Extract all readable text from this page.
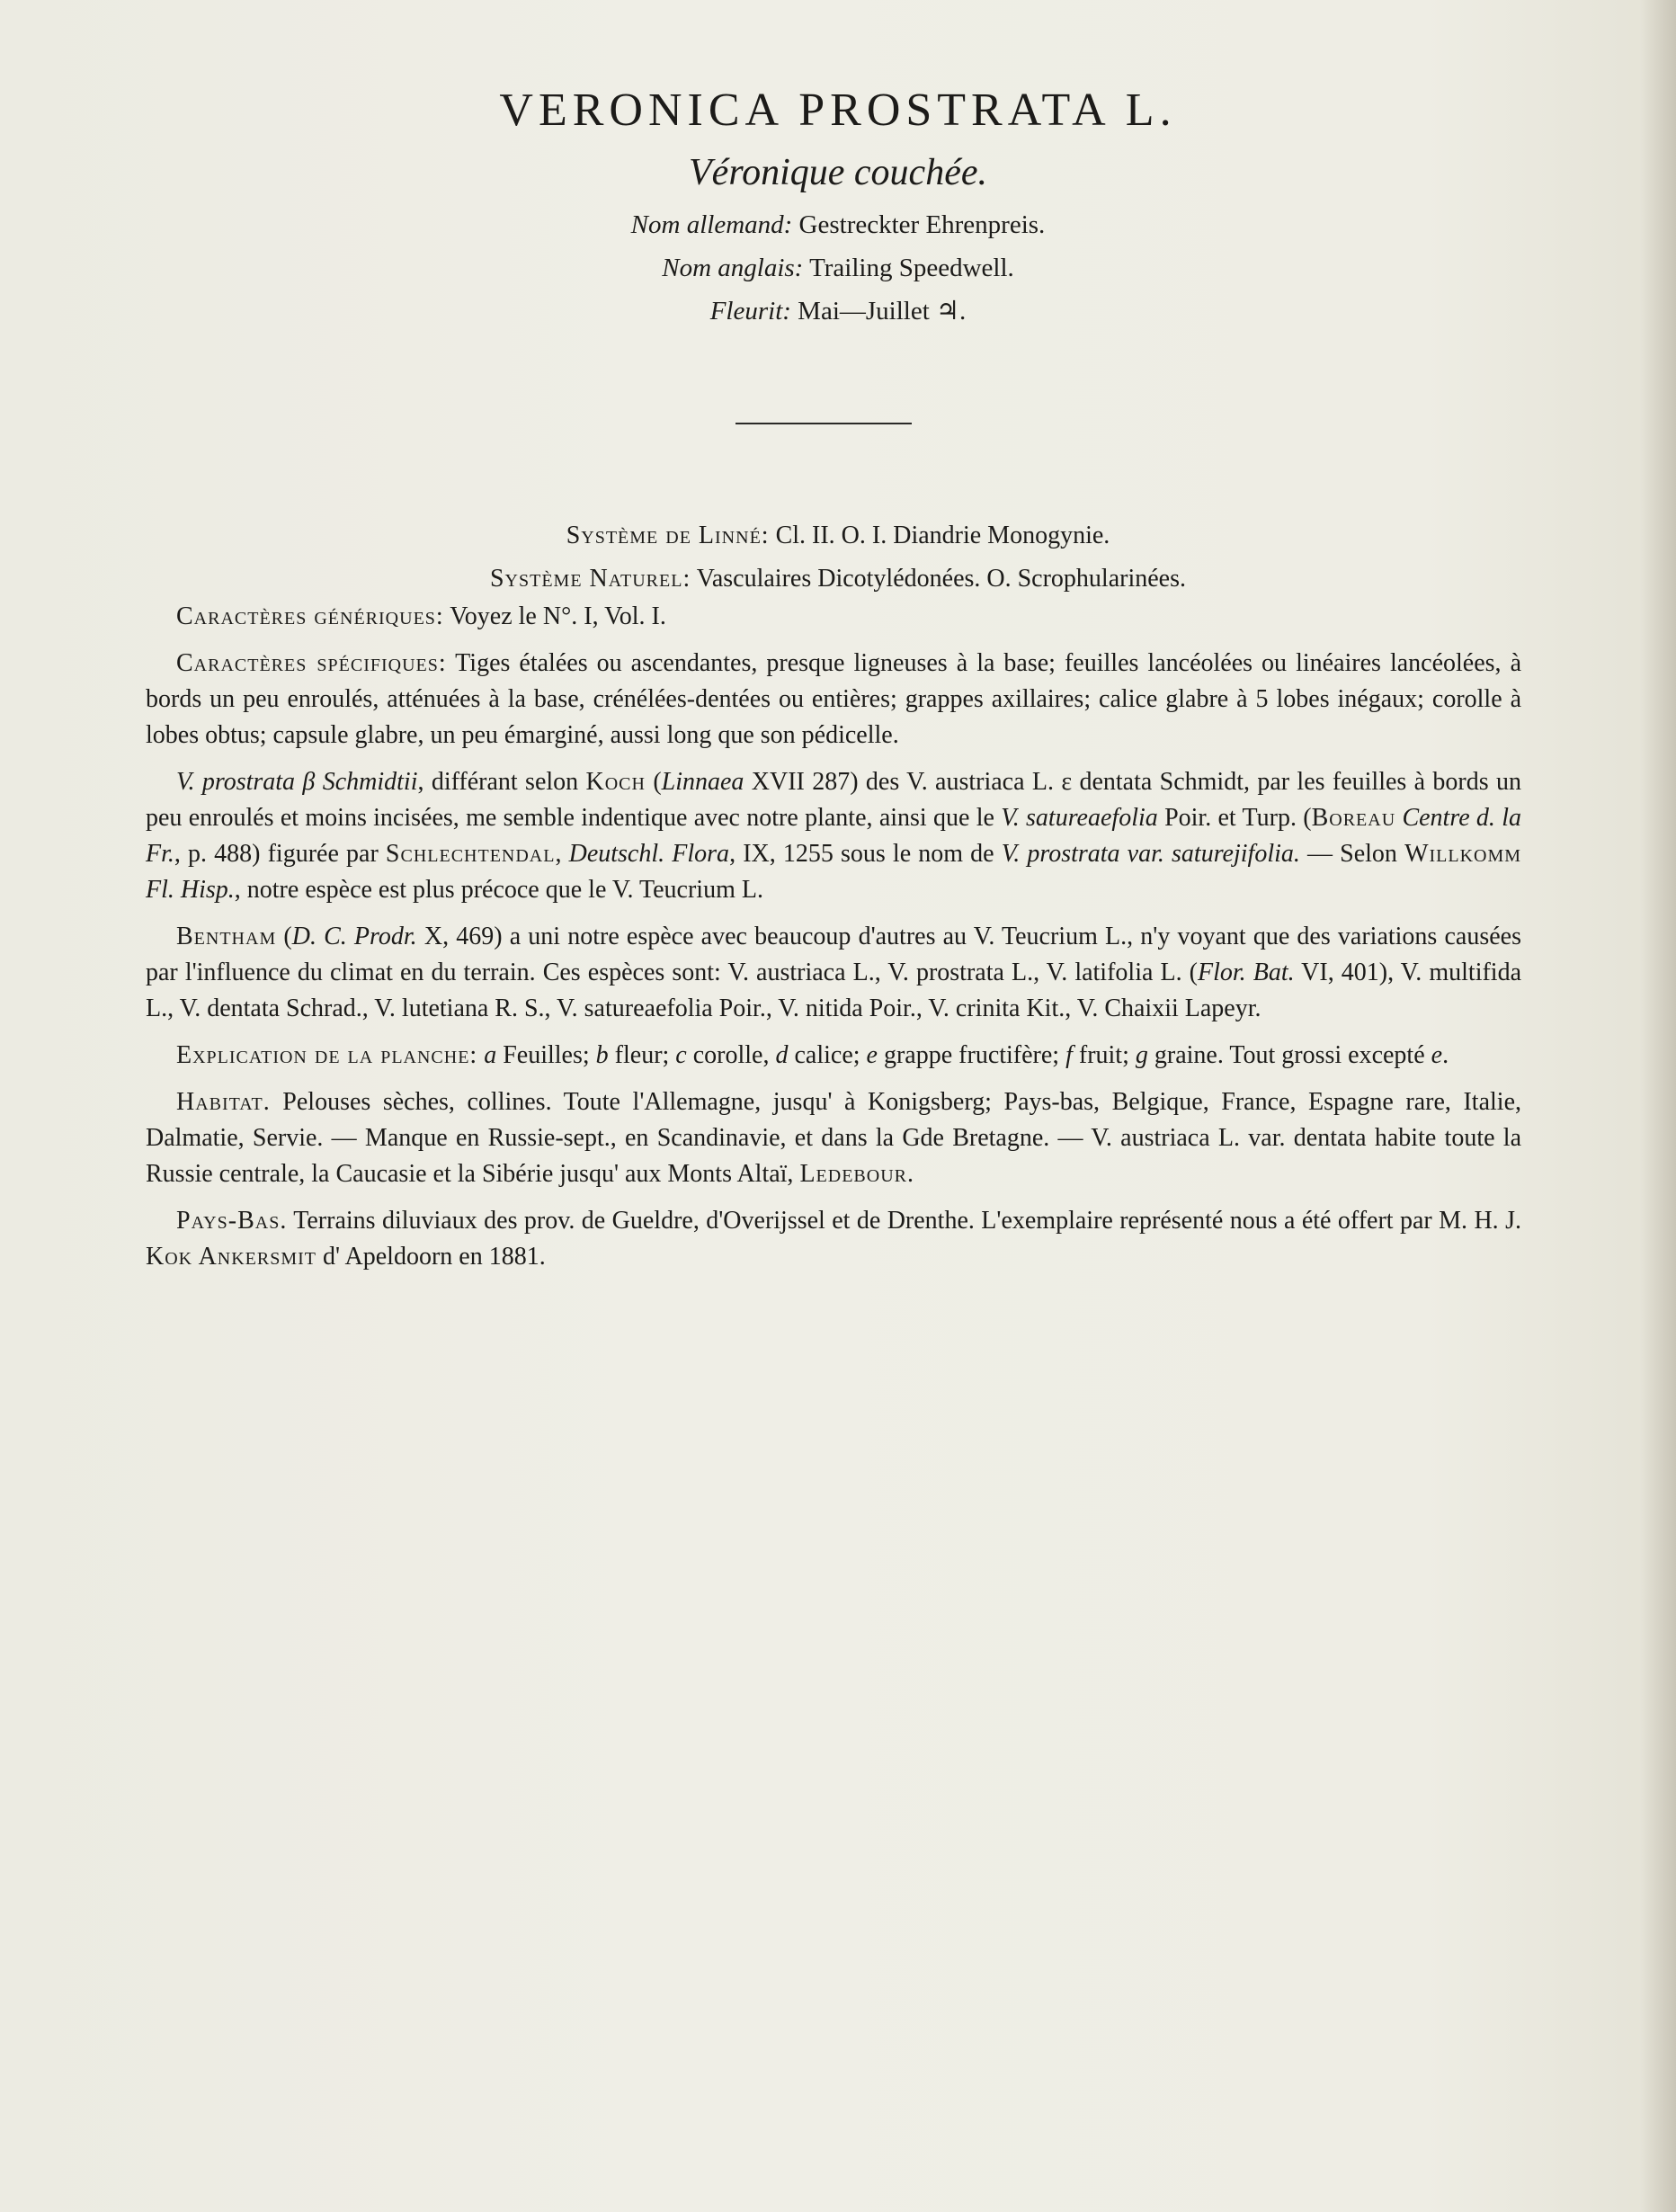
VERONICA PROSTRATA L.
Véronique couchée.
Nom allemand: Gestreckter Ehrenpreis.
Nom anglais: Trailing Speedwell.
Fleurit: Mai—Juillet ♃.
Système de Linné: Cl. II. O. I. Diandrie Monogynie.
Système Naturel: Vasculaires Dicotylédonées. O. Scrophularinées.

Caractères génériques: Voyez le N°. I, Vol. I.

Caractères spécifiques: Tiges étalées ou ascendantes, presque ligneuses à la base; feuilles lancéolées ou linéaires lancéolées, à bords un peu enroulés, atténuées à la base, crénélées-dentées ou entières; grappes axillaires; calice glabre à 5 lobes inégaux; corolle à lobes obtus; capsule glabre, un peu émarginé, aussi long que son pédicelle.

V. prostrata β Schmidtii, différant selon Koch (Linnaea XVII 287) des V. austriaca L. ε dentata Schmidt, par les feuilles à bords un peu enroulés et moins incisées, me semble indentique avec notre plante, ainsi que le V. satureaefolia Poir. et Turp. (Boreau Centre d. la Fr., p. 488) figurée par Schlechtendal, Deutschl. Flora, IX, 1255 sous le nom de V. prostrata var. saturejifolia. — Selon Willkomm Fl. Hisp., notre espèce est plus précoce que le V. Teucrium L.

Bentham (D. C. Prodr. X, 469) a uni notre espèce avec beaucoup d'autres au V. Teucrium L., n'y voyant que des variations causées par l'influence du climat en du terrain. Ces espèces sont: V. austriaca L., V. prostrata L., V. latifolia L. (Flor. Bat. VI, 401), V. multifida L., V. dentata Schrad., V. lutetiana R. S., V. satureaefolia Poir., V. nitida Poir., V. crinita Kit., V. Chaixii Lapeyr.

Explication de la planche: a Feuilles; b fleur; c corolle, d calice; e grappe fructifère; f fruit; g graine. Tout grossi excepté e.

Habitat. Pelouses sèches, collines. Toute l'Allemagne, jusqu' à Konigsberg; Pays-bas, Belgique, France, Espagne rare, Italie, Dalmatie, Servie. — Manque en Russie-sept., en Scandinavie, et dans la Gde Bretagne. — V. austriaca L. var. dentata habite toute la Russie centrale, la Caucasie et la Sibérie jusqu' aux Monts Altaï, Ledebour.

Pays-Bas. Terrains diluviaux des prov. de Gueldre, d'Overijssel et de Drenthe. L'exemplaire représenté nous a été offert par M. H. J. Kok Ankersmit d' Apeldoorn en 1881.
